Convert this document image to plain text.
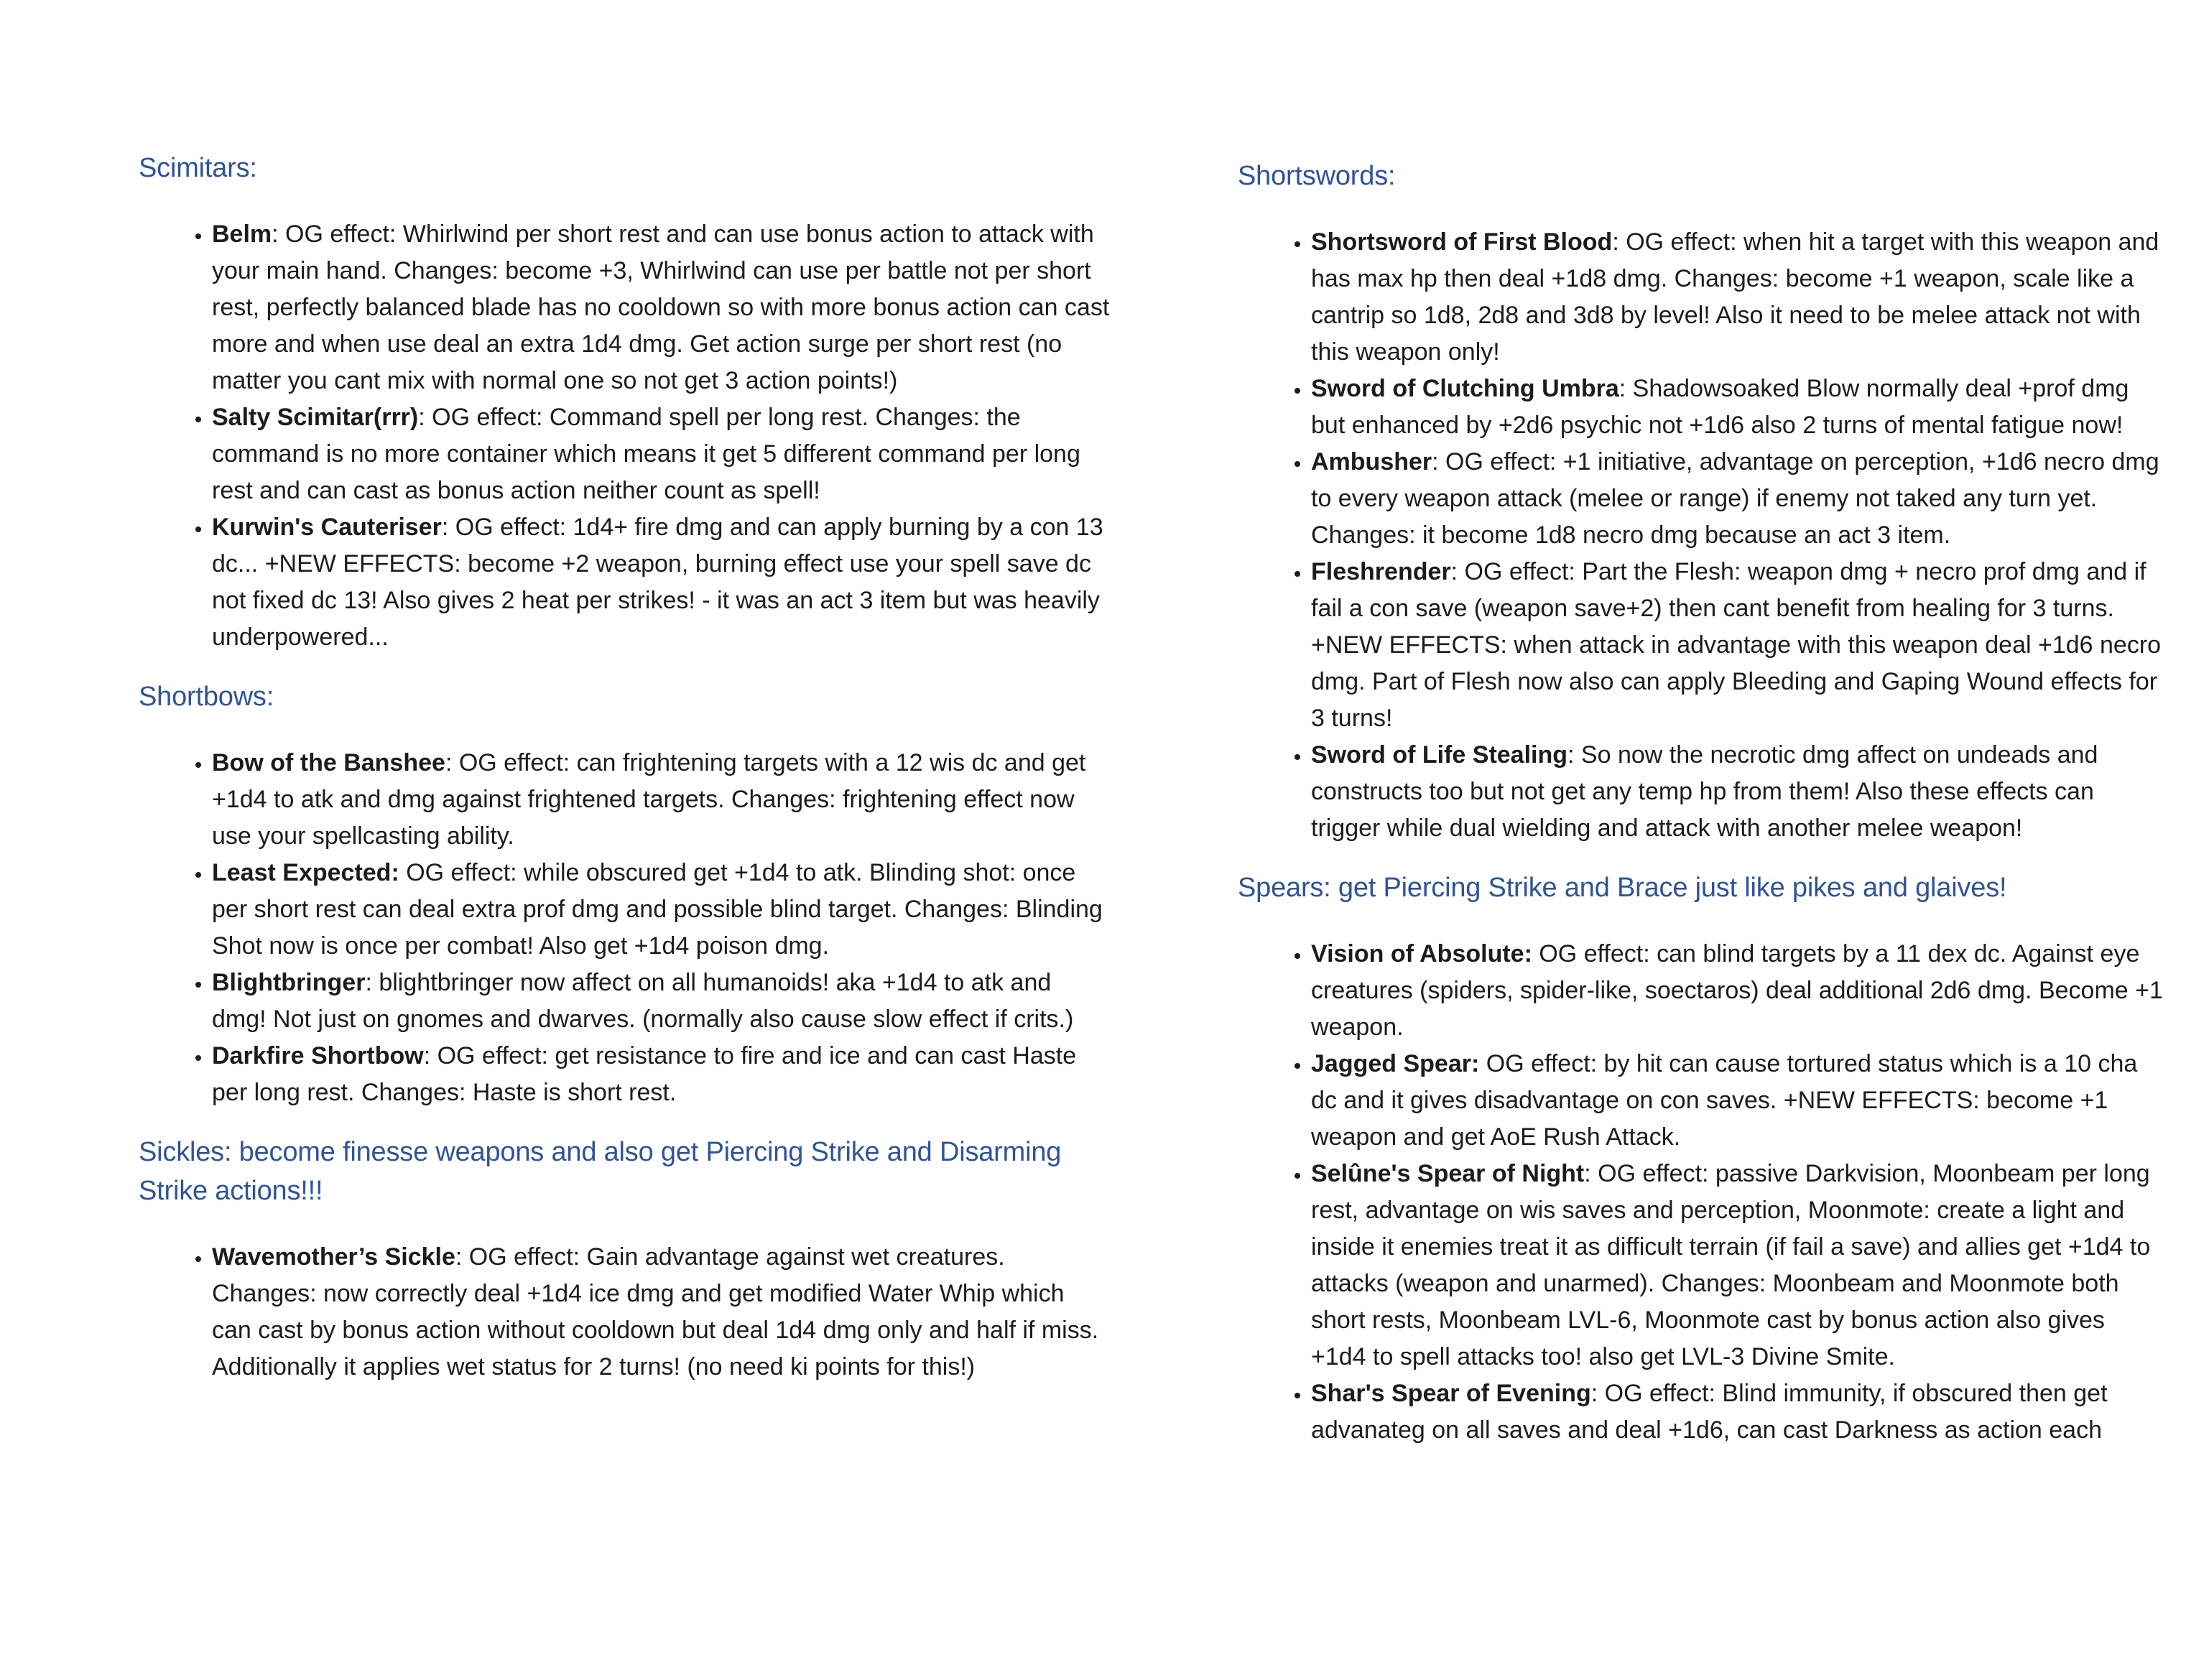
Scimitars:
• Belm: OG effect: Whirlwind per short rest and can use bonus action to attack with your main hand. Changes: become +3, Whirlwind can use per battle not per short rest, perfectly balanced blade has no cooldown so with more bonus action can cast more and when use deal an extra 1d4 dmg. Get action surge per short rest (no matter you cant mix with normal one so not get 3 action points!)
• Salty Scimitar(rrr): OG effect: Command spell per long rest. Changes: the command is no more container which means it get 5 different command per long rest and can cast as bonus action neither count as spell!
• Kurwin's Cauteriser: OG effect: 1d4+ fire dmg and can apply burning by a con 13 dc... +NEW EFFECTS: become +2 weapon, burning effect use your spell save dc not fixed dc 13! Also gives 2 heat per strikes! - it was an act 3 item but was heavily underpowered...
Shortbows:
• Bow of the Banshee: OG effect: can frightening targets with a 12 wis dc and get +1d4 to atk and dmg against frightened targets. Changes: frightening effect now use your spellcasting ability.
• Least Expected: OG effect: while obscured get +1d4 to atk. Blinding shot: once per short rest can deal extra prof dmg and possible blind target. Changes: Blinding Shot now is once per combat! Also get +1d4 poison dmg.
• Blightbringer: blightbringer now affect on all humanoids! aka +1d4 to atk and dmg! Not just on gnomes and dwarves. (normally also cause slow effect if crits.)
• Darkfire Shortbow: OG effect: get resistance to fire and ice and can cast Haste per long rest. Changes: Haste is short rest.
Sickles: become finesse weapons and also get Piercing Strike and Disarming Strike actions!!!
• Wavemother’s Sickle: OG effect: Gain advantage against wet creatures. Changes: now correctly deal +1d4 ice dmg and get modified Water Whip which can cast by bonus action without cooldown but deal 1d4 dmg only and half if miss. Additionally it applies wet status for 2 turns! (no need ki points for this!)
Shortswords:
• Shortsword of First Blood: OG effect: when hit a target with this weapon and has max hp then deal +1d8 dmg. Changes: become +1 weapon, scale like a cantrip so 1d8, 2d8 and 3d8 by level! Also it need to be melee attack not with this weapon only!
• Sword of Clutching Umbra: Shadowsoaked Blow normally deal +prof dmg but enhanced by +2d6 psychic not +1d6 also 2 turns of mental fatigue now!
• Ambusher: OG effect: +1 initiative, advantage on perception, +1d6 necro dmg to every weapon attack (melee or range) if enemy not taked any turn yet. Changes: it become 1d8 necro dmg because an act 3 item.
• Fleshrender: OG effect: Part the Flesh: weapon dmg + necro prof dmg and if fail a con save (weapon save+2) then cant benefit from healing for 3 turns. +NEW EFFECTS: when attack in advantage with this weapon deal +1d6 necro dmg. Part of Flesh now also can apply Bleeding and Gaping Wound effects for 3 turns!
• Sword of Life Stealing: So now the necrotic dmg affect on undeads and constructs too but not get any temp hp from them! Also these effects can trigger while dual wielding and attack with another melee weapon!
Spears: get Piercing Strike and Brace just like pikes and glaives!
• Vision of Absolute: OG effect: can blind targets by a 11 dex dc. Against eye creatures (spiders, spider-like, soectaros) deal additional 2d6 dmg. Become +1 weapon.
• Jagged Spear: OG effect: by hit can cause tortured status which is a 10 cha dc and it gives disadvantage on con saves. +NEW EFFECTS: become +1 weapon and get AoE Rush Attack.
• Selûne's Spear of Night: OG effect: passive Darkvision, Moonbeam per long rest, advantage on wis saves and perception, Moonmote: create a light and inside it enemies treat it as difficult terrain (if fail a save) and allies get +1d4 to attacks (weapon and unarmed). Changes: Moonbeam and Moonmote both short rests, Moonbeam LVL-6, Moonmote cast by bonus action also gives +1d4 to spell attacks too! also get LVL-3 Divine Smite.
• Shar's Spear of Evening: OG effect: Blind immunity, if obscured then get advanateg on all saves and deal +1d6, can cast Darkness as action each
